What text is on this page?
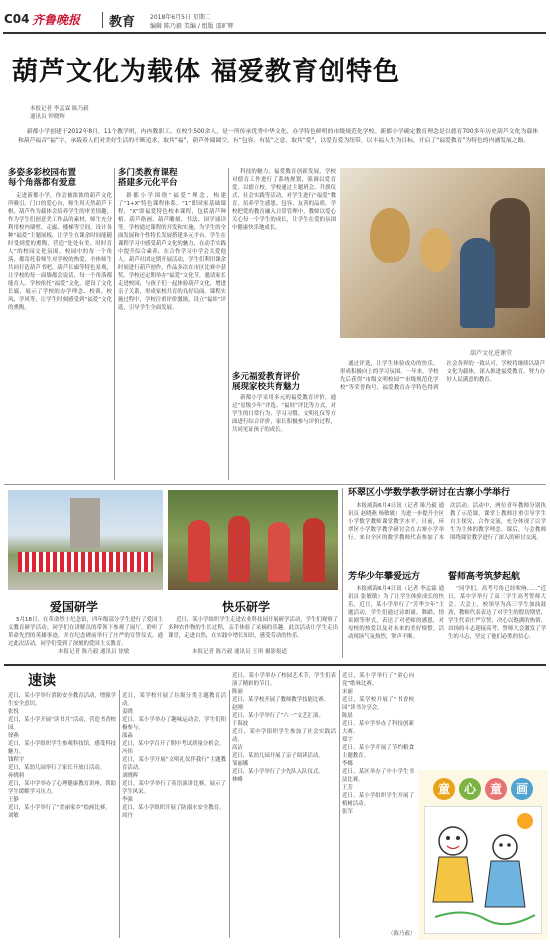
C04 齐鲁晚报 教育 2018年6月5日 星期二
编辑 陈乃毅 美编 / 组版 邵旷辉
葫芦文化为载体 福爱教育创特色
本报记者 李孟霖 陈乃毅
通讯员 钟晓辉
新都小学创建于2012年8月，11个教学班，冉冉教职工，在校生500余人，是一所传承优秀中华文化、办学特色鲜明的市级规范化学校。新都小学确定教育理念是以德育700多年历史葫芦文化为载体和葫芦福音“福”字，承载着人们对美好生活的不断追求，取其“福”，葫芦外圆圆空，有“包容、有装“之意，取其“爱”，以爱育爱为纽带，以丰福人生为目标，开启了“福爱教育”为特色的内涵发展之路。
多姿多彩校园布置
每个角落都有爱意
走进新都小学，你会被浓浓的葫芦文化所吸引。门口的爱心台，师生用天然葫芦下棋，葫芦作为载体会培养学生的审美情趣，作为学生们创意美工作品的素材，师生充分利用校内墙壁、走廊、楼梯等空间，设计各种“福爱”主题展板，让学生在课余时间能随时受到爱的熏陶，营造“处处有美、时时育人”的校园文化氛围。校园中的每一个角落，都寄托着师生对学校的热爱，全体师生共同打造葫芦书吧、葫芦长廊等特色景观，让学校的每一面墙都会说话，每一个角落都能育人。学校依托“福爱”文化，建设了文化长廊，展示了学校的办学理念、校训、校风、学风等，让学生时刻感受到“福爱”文化的熏陶。
多门类教育课程
搭建多元化平台
新都小学围绕“福爱”理念，构建了“1+X”特色课程体系，“1”即国家基础课程，“X”即福爱特色校本课程，包括葫芦种植、葫芦烙画、葫芦雕刻、书法、国学诵读等。学校通过课程的开发和实施，为学生的全面发展和个性特长发展搭建多元平台。学生在课程学习中感受葫芦文化的魅力，在动手实践中提升综合素养，在合作学习中学会关爱他人。葫芦社团定期开展活动，学生们利用课余时间进行葫芦创作，作品多次在市区比赛中获奖。学校还定期举办“福爱”文化节，邀请家长走进校园，与孩子们一起体验葫芦文化，增进亲子关系，形成家校共育的良好局面。课程实施过程中，学校注重评价激励，设立“福娃”评选，引导学生全面发展。
科技的魅力。福爱教育创新发展，学校对德育工作进行了系统规划，强调以爱育爱，以德立校。学校通过主题班会、升旗仪式、社会实践等活动，对学生进行“福爱”教育，培养学生感恩、包容、友善的品质。学校把爱的教育融入日常管理中，教师以爱心关心每一个学生的成长，让学生在爱的氛围中健康快乐地成长。
多元福爱教育评价
展现家校共育魅力
新都小学采用多元的福爱教育评价，通过“星级少年”评选、“福娃”评比等方式，对学生的日常行为、学习习惯、文明礼仪等方面进行综合评价，家长积极参与评价过程，共同见证孩子的成长。
葫芦文化进课堂
通过评选，让学生体验成功的快乐，形成积极向上的学习氛围。一年来，学校先后获得“市级文明校园”“市级规范化学校”等荣誉称号，福爱教育办学特色得到社会各界的一致认可。学校将继续以葫芦文化为载体，深入推进福爱教育，努力办好人民满意的教育。
爱国研学
5月18日，在革命烈士纪念馆，四年级部分学生进行了爱国主义教育研学活动。同学们在讲解员的带领下参观了展厅，聆听了革命先烈的英雄事迹，并在纪念碑前举行了庄严的宣誓仪式。通过此次活动，同学们受到了深刻的爱国主义教育。
本报记者 陈乃毅 通讯员 徐敏
快乐研学
近日，某小学组织学生走进农业科技园开展研学活动，学生们观察了多种农作物的生长过程，亲手体验了采摘的乐趣。此次活动让学生走出课堂，走进自然，在实践中增长知识，感受劳动的快乐。
本报记者 陈乃毅 通讯员 王琪 摄影报道
环翠区小学数学教学研讨在古寨小学举行
本报威海6月4日讯（记者 陈乃毅 通讯员 赵晓燕 杨敏敏）为进一步提升全区小学数学教师课堂教学水平，日前，环翠区小学数学教学研讨会在古寨小学举行。来自全区的数学教师代表参加了本次活动。活动中，两位青年教师分别执教了示范课，课堂上教师注重引导学生自主探究、合作交流，充分体现了以学生为主体的教学理念。课后，与会教师围绕课堂教学进行了深入的研讨交流。
芳华少年攀爱远方
本报威海6月4日讯（记者 李孟霖 通讯员 张敏敏）为了让学生体验成长的快乐，近日，某小学举行了“芳华少年”主题活动，学生们通过诗朗诵、舞蹈、情景剧等形式，表达了对老师的感恩，对母校的热爱以及对未来的美好憧憬。活动现场气氛热烈，掌声不断。
誓师高考筑梦起航
“同学们，高考号角已经吹响……”近日，某中学举行了高三学生高考誓师大会。大会上，校领导为高三学生加油鼓劲，教师代表表达了对学生的殷切期望，学生代表庄严宣誓，决心以饱满的热情、昂扬的斗志迎接高考。誓师大会激发了学生的斗志，坚定了他们必胜的信心。
速读
近日，某小学举行消防安全教育活动，增强学生安全意识。
张悦
近日，某小学开展“读书月”活动，营造书香校园。
徐燕
近日，某小学组织学生参观科技馆，感受科技魅力。
钱程宇
近日，某幼儿园举行了家长开放日活动。
孙晓莉
近日，某中学举办了心理健康教育讲座，帮助学生缓解学习压力。
王静
近日，某小学举行了“美丽家乡”绘画比赛。
刘敏
近日，某学校开展了垃圾分类主题教育活动。
姜晓
近日，某小学举办了趣味运动会，学生们积极参与。
邵淼
近日，某中学召开了期中考试质量分析会。
冯伟
近日，某小学开展“文明礼仪伴我行”主题教育活动。
刘晓晖
近日，某中学举行了英语演讲比赛，展示了学生风采。
李强
近日，某小学组织开展了防溺水安全教育。
周丹
近日，某小学举办了校园艺术节，学生们表演了精彩的节目。
陈丽
近日，某学校开展了教师教学技能比赛。
赵刚
近日，某小学举行了“六一”文艺汇演。
于海波
近日，某中学组织学生参加了社会实践活动。
高洁
近日，某幼儿园开展了亲子阅读活动。
邹丽娜
近日，某小学举行了少先队入队仪式。
林峰
近日，某小学举行了“童心向党”歌咏比赛。
宋丽
近日，某学校开展了“书香校园”读书分享会。
陈晨
近日，某中学举办了科技创新大赛。
郑宇
近日，某小学开展了节约粮食主题教育。
李娜
近日，某区举办了中小学生书法比赛。
王芳
近日，某小学组织学生开展了植树活动。
张军
（陈乃毅）
童	心	童	画
